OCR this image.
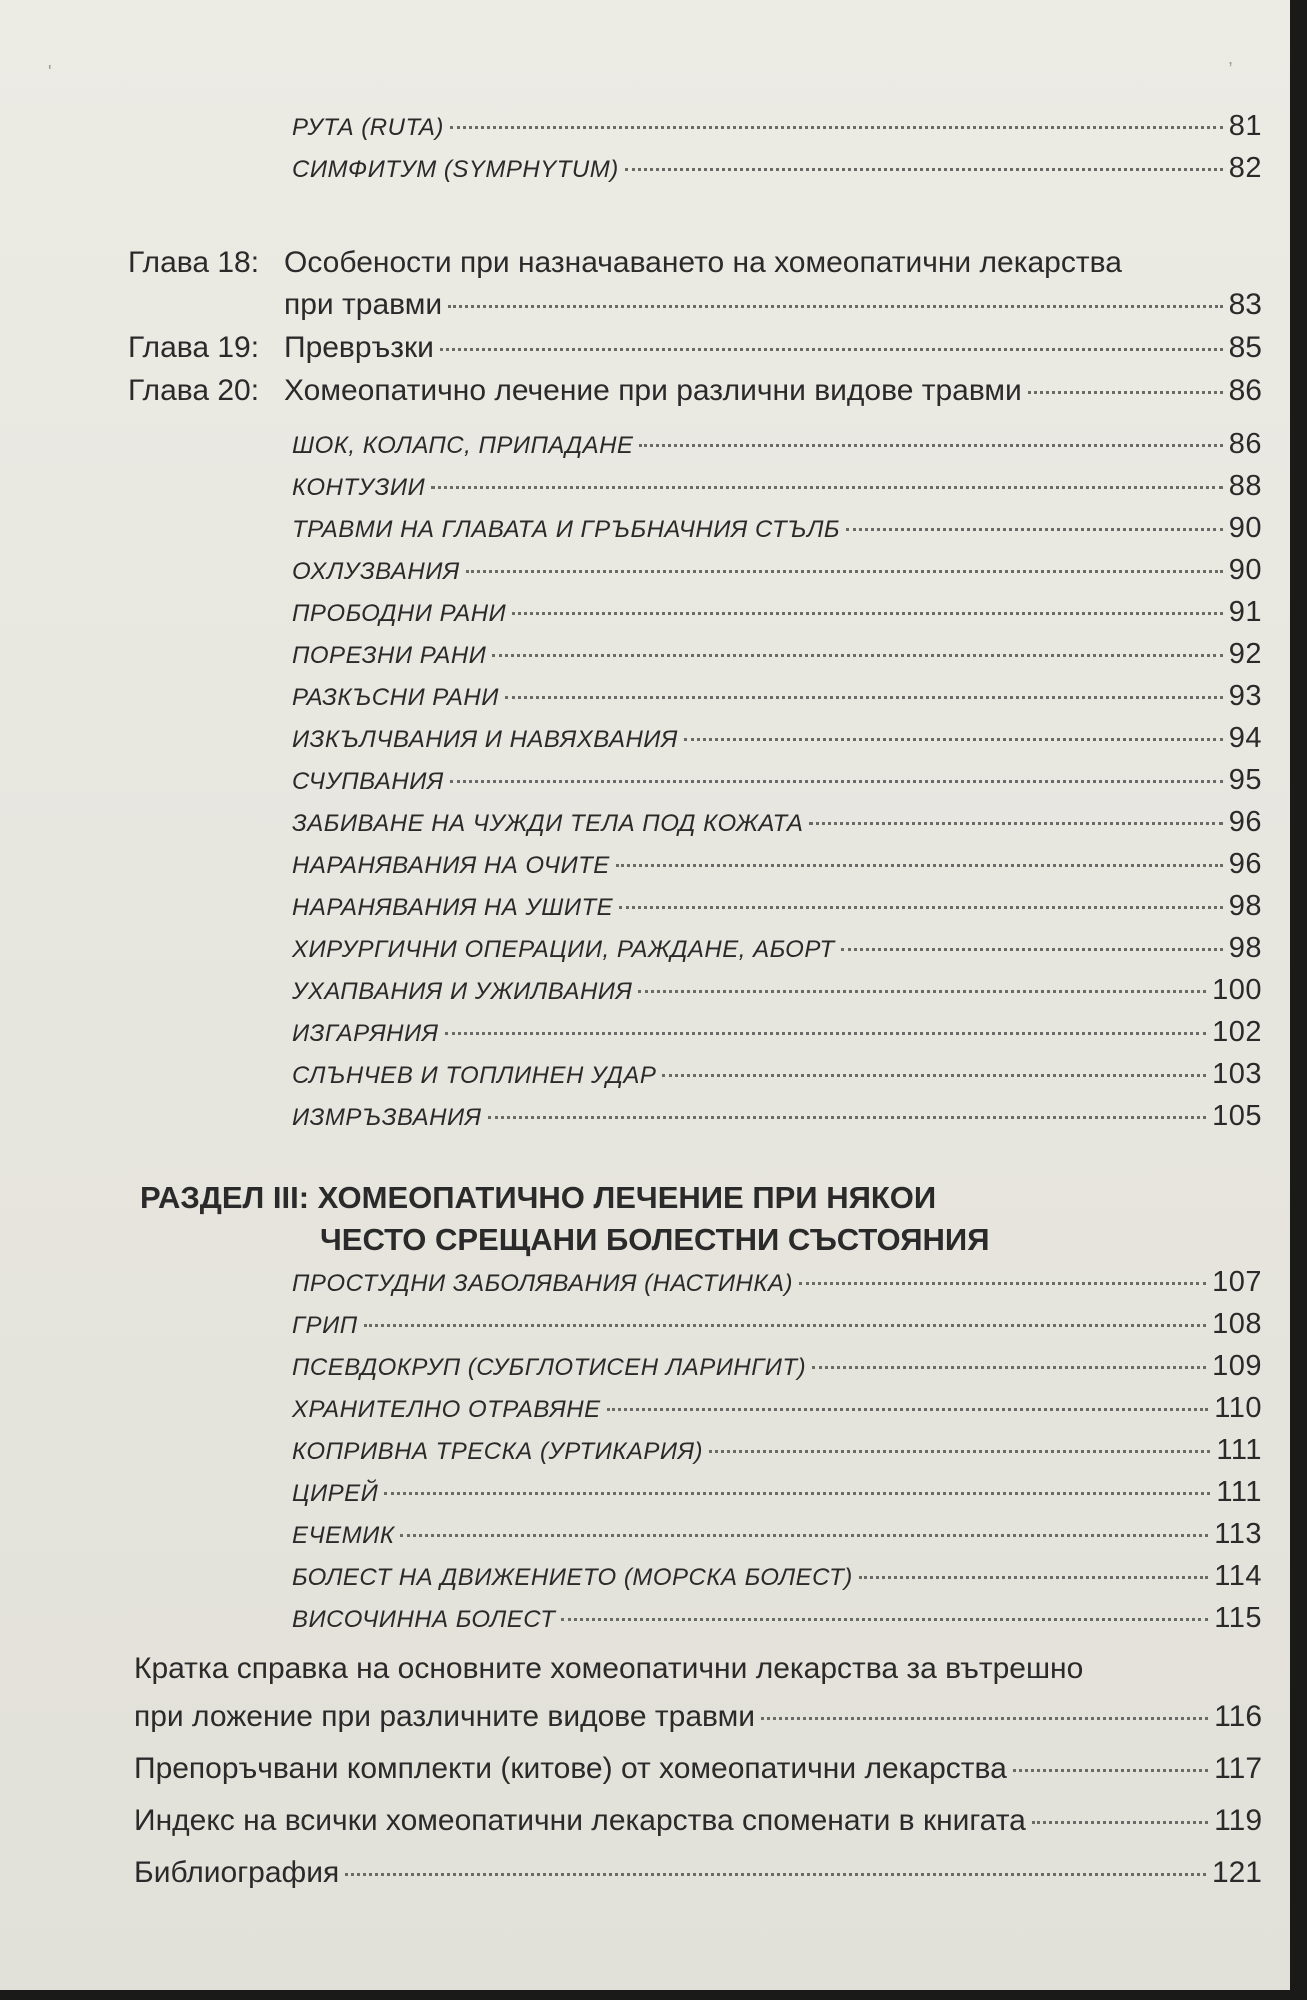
'
,
РУТА (RUTA)	81
СИМФИТУМ (SYMPHYTUM)	82
Глава 18: Особености при назначаването на хомеопатични лекарства
при травми	83
Глава 19: Превръзки	85
Глава 20: Хомеопатично лечение при различни видове травми	86
ШОК, КОЛАПС, ПРИПАДАНЕ	86
КОНТУЗИИ	88
ТРАВМИ НА ГЛАВАТА И ГРЪБНАЧНИЯ СТЪЛБ	90
ОХЛУЗВАНИЯ	90
ПРОБОДНИ РАНИ	91
ПОРЕЗНИ РАНИ	92
РАЗКЪСНИ РАНИ	93
ИЗКЪЛЧВАНИЯ И НАВЯХВАНИЯ	94
СЧУПВАНИЯ	95
ЗАБИВАНЕ НА ЧУЖДИ ТЕЛА ПОД КОЖАТА	96
НАРАНЯВАНИЯ НА ОЧИТЕ	96
НАРАНЯВАНИЯ НА УШИТЕ	98
ХИРУРГИЧНИ ОПЕРАЦИИ, РАЖДАНЕ, АБОРТ	98
УХАПВАНИЯ И УЖИЛВАНИЯ	100
ИЗГАРЯНИЯ	102
СЛЪНЧЕВ И ТОПЛИНЕН УДАР	103
ИЗМРЪЗВАНИЯ	105
РАЗДЕЛ III: ХОМЕОПАТИЧНО ЛЕЧЕНИЕ ПРИ НЯКОИ
ЧЕСТО СРЕЩАНИ БОЛЕСТНИ СЪСТОЯНИЯ
ПРОСТУДНИ ЗАБОЛЯВАНИЯ (НАСТИНКА)	107
ГРИП	108
ПСЕВДОКРУП (СУБГЛОТИСЕН ЛАРИНГИТ)	109
ХРАНИТЕЛНО ОТРАВЯНЕ	110
КОПРИВНА ТРЕСКА (УРТИКАРИЯ)	111
ЦИРЕЙ	111
ЕЧЕМИК	113
БОЛЕСТ НА ДВИЖЕНИЕТО (МОРСКА БОЛЕСТ)	114
ВИСОЧИННА БОЛЕСТ	115
Кратка справка на основните хомеопатични лекарства за вътрешно
при ложение при различните видове травми	116
Препоръчвани комплекти (китове) от хомеопатични лекарства	117
Индекс на всички хомеопатични лекарства споменати в книгата	119
Библиография	121
